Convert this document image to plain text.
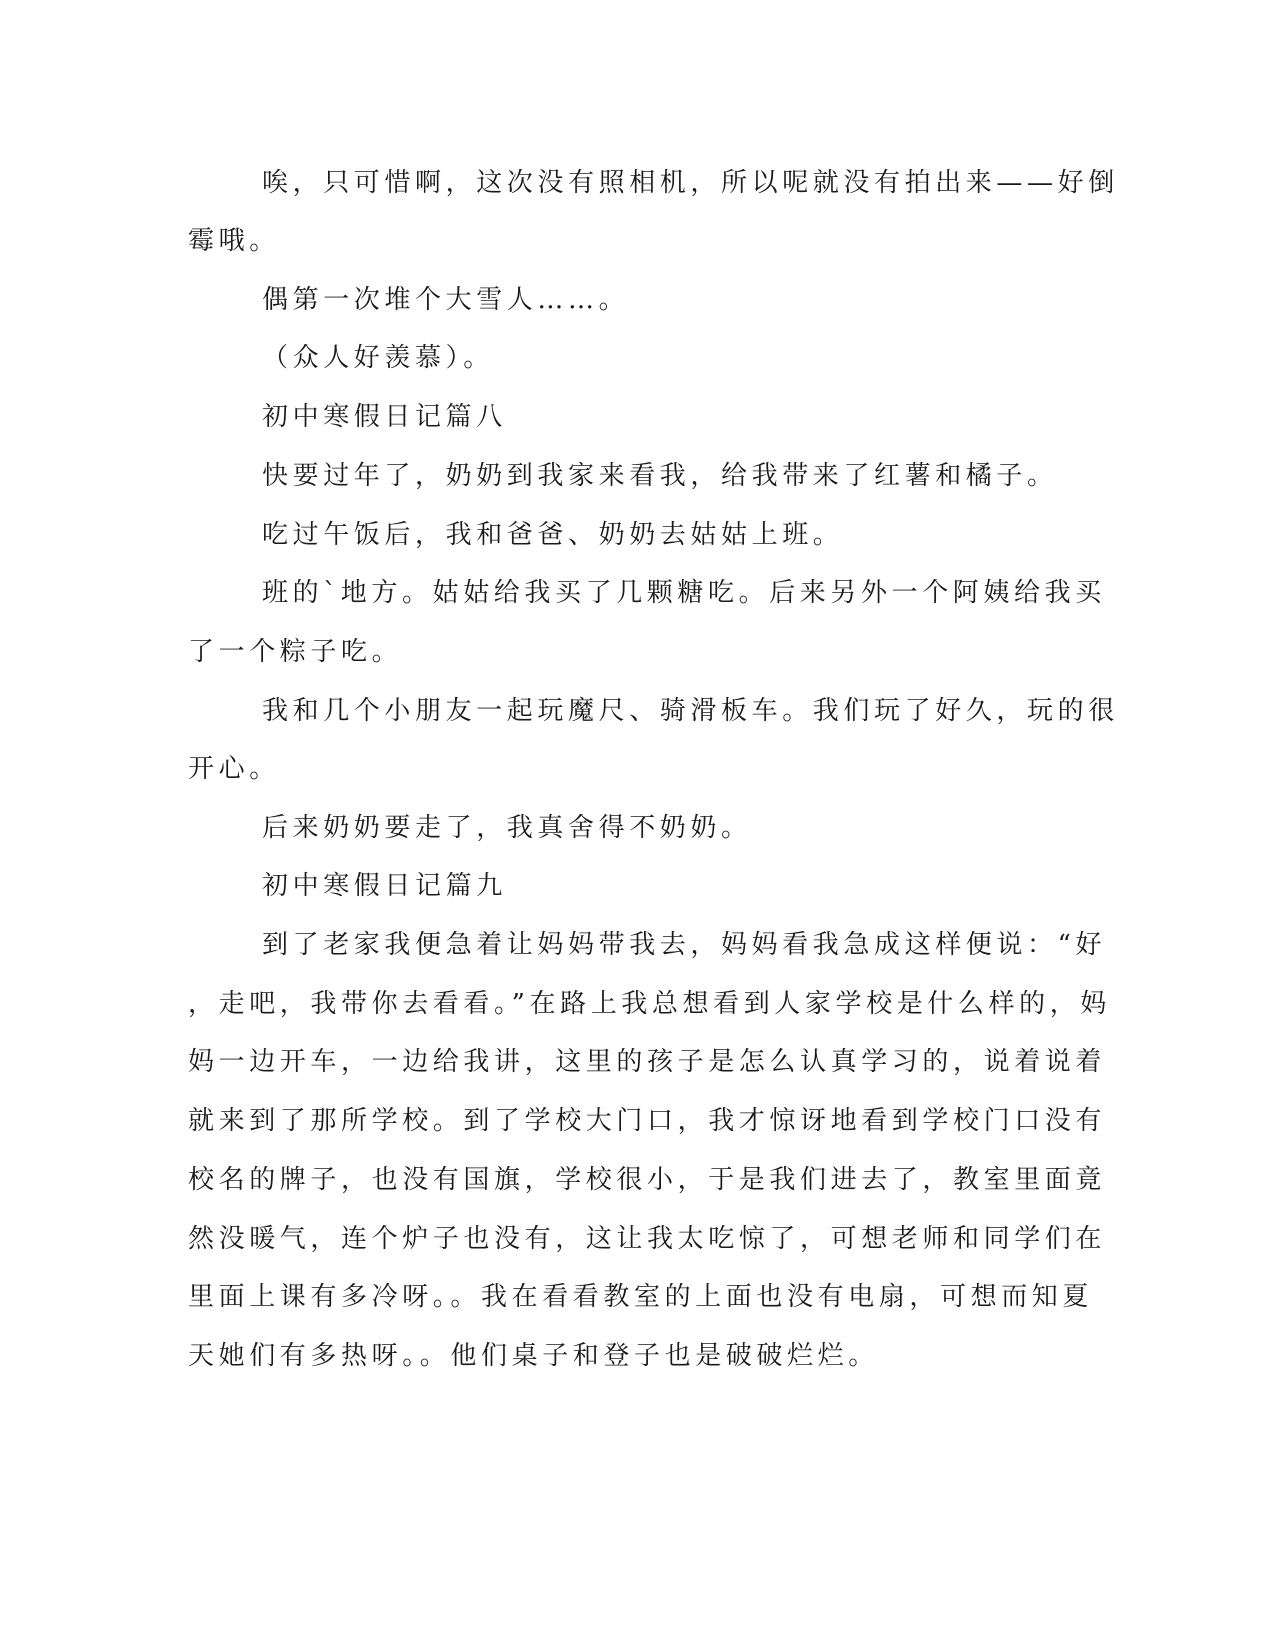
唉，只可惜啊，这次没有照相机，所以呢就没有拍出来——好倒

霉哦。

偶第一次堆个大雪人……。

（众人好羡慕）。

初中寒假日记篇八

快要过年了，奶奶到我家来看我，给我带来了红薯和橘子。

吃过午饭后，我和爸爸、奶奶去姑姑上班。

班的`地方。姑姑给我买了几颗糖吃。后来另外一个阿姨给我买

了一个粽子吃。

我和几个小朋友一起玩魔尺、骑滑板车。我们玩了好久，玩的很

开心。

后来奶奶要走了，我真舍得不奶奶。

初中寒假日记篇九

到了老家我便急着让妈妈带我去，妈妈看我急成这样便说：“好

，走吧，我带你去看看。”在路上我总想看到人家学校是什么样的，妈

妈一边开车，一边给我讲，这里的孩子是怎么认真学习的，说着说着

就来到了那所学校。到了学校大门口，我才惊讶地看到学校门口没有

校名的牌子，也没有国旗，学校很小，于是我们进去了，教室里面竟

然没暖气，连个炉子也没有，这让我太吃惊了，可想老师和同学们在

里面上课有多冷呀。。我在看看教室的上面也没有电扇，可想而知夏

天她们有多热呀。。他们桌子和登子也是破破烂烂。
